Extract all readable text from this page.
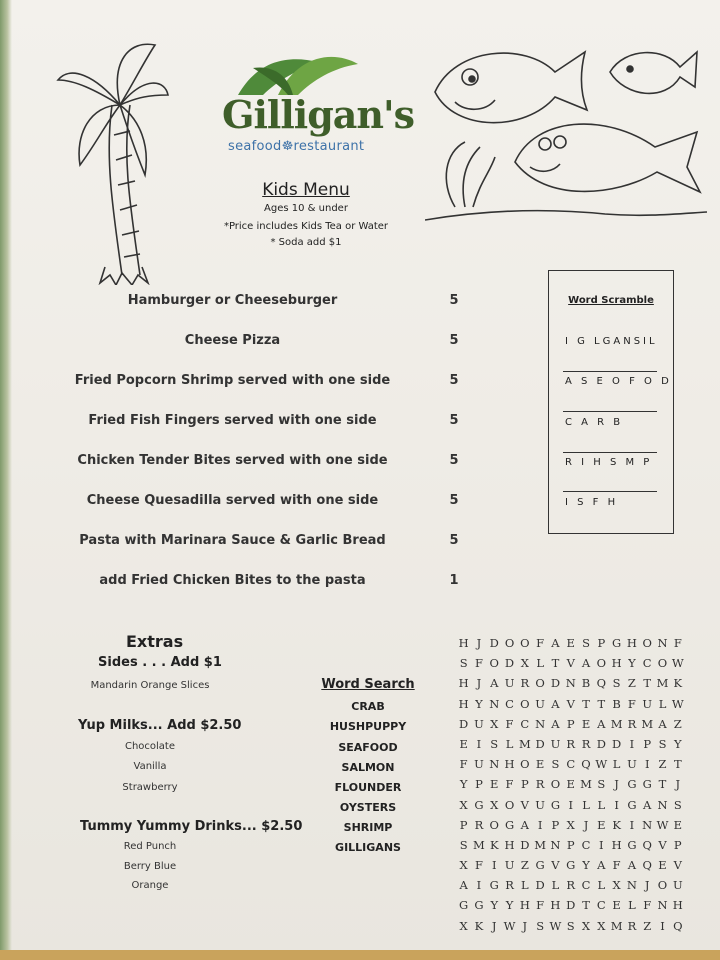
Gilligan's
seafood☸restaurant
Kids Menu
Ages 10 & under
*Price includes Kids Tea or Water
* Soda add $1
Hamburger or Cheeseburger	5
Cheese Pizza	5
Fried Popcorn Shrimp served with one side	5
Fried Fish Fingers served with one side	5
Chicken Tender Bites served with one side	5
Cheese Quesadilla served with one side	5
Pasta with Marinara Sauce & Garlic Bread	5
add Fried Chicken Bites to the pasta	1
Word Scramble
I G LGANSIL
A S E O F O D
C A R B
R I H S M P
I S F H
Extras
Sides . . . Add $1
Mandarin Orange Slices
Yup Milks... Add $2.50
Chocolate
Vanilla
Strawberry
Tummy Yummy Drinks... $2.50
Red Punch
Berry Blue
Orange
Word Search
CRAB
HUSHPUPPY
SEAFOOD
SALMON
FLOUNDER
OYSTERS
SHRIMP
GILLIGANS
H J D O O F A E S P G H O N F
S F O D X L T V A O H Y C O W
H J A U R O D N B Q S Z T M K
H Y N C O U A V T T B F U L W
D U X F C N A P E A M R M A Z
E I S L M D U R R D D I P S Y
F U N H O E S C Q W L U I Z T
Y P E F P R O E M S J G G T J
X G X O V U G I L L I G A N S
P R O G A I P X J E K I N W E
S M K H D M N P C I H G Q V P
X F I U Z G V G Y A F A Q E V
A I G R L D L R C L X N J O U
G G Y Y H F H D T C E L F N H
X K J W J S W S X X M R Z I Q
